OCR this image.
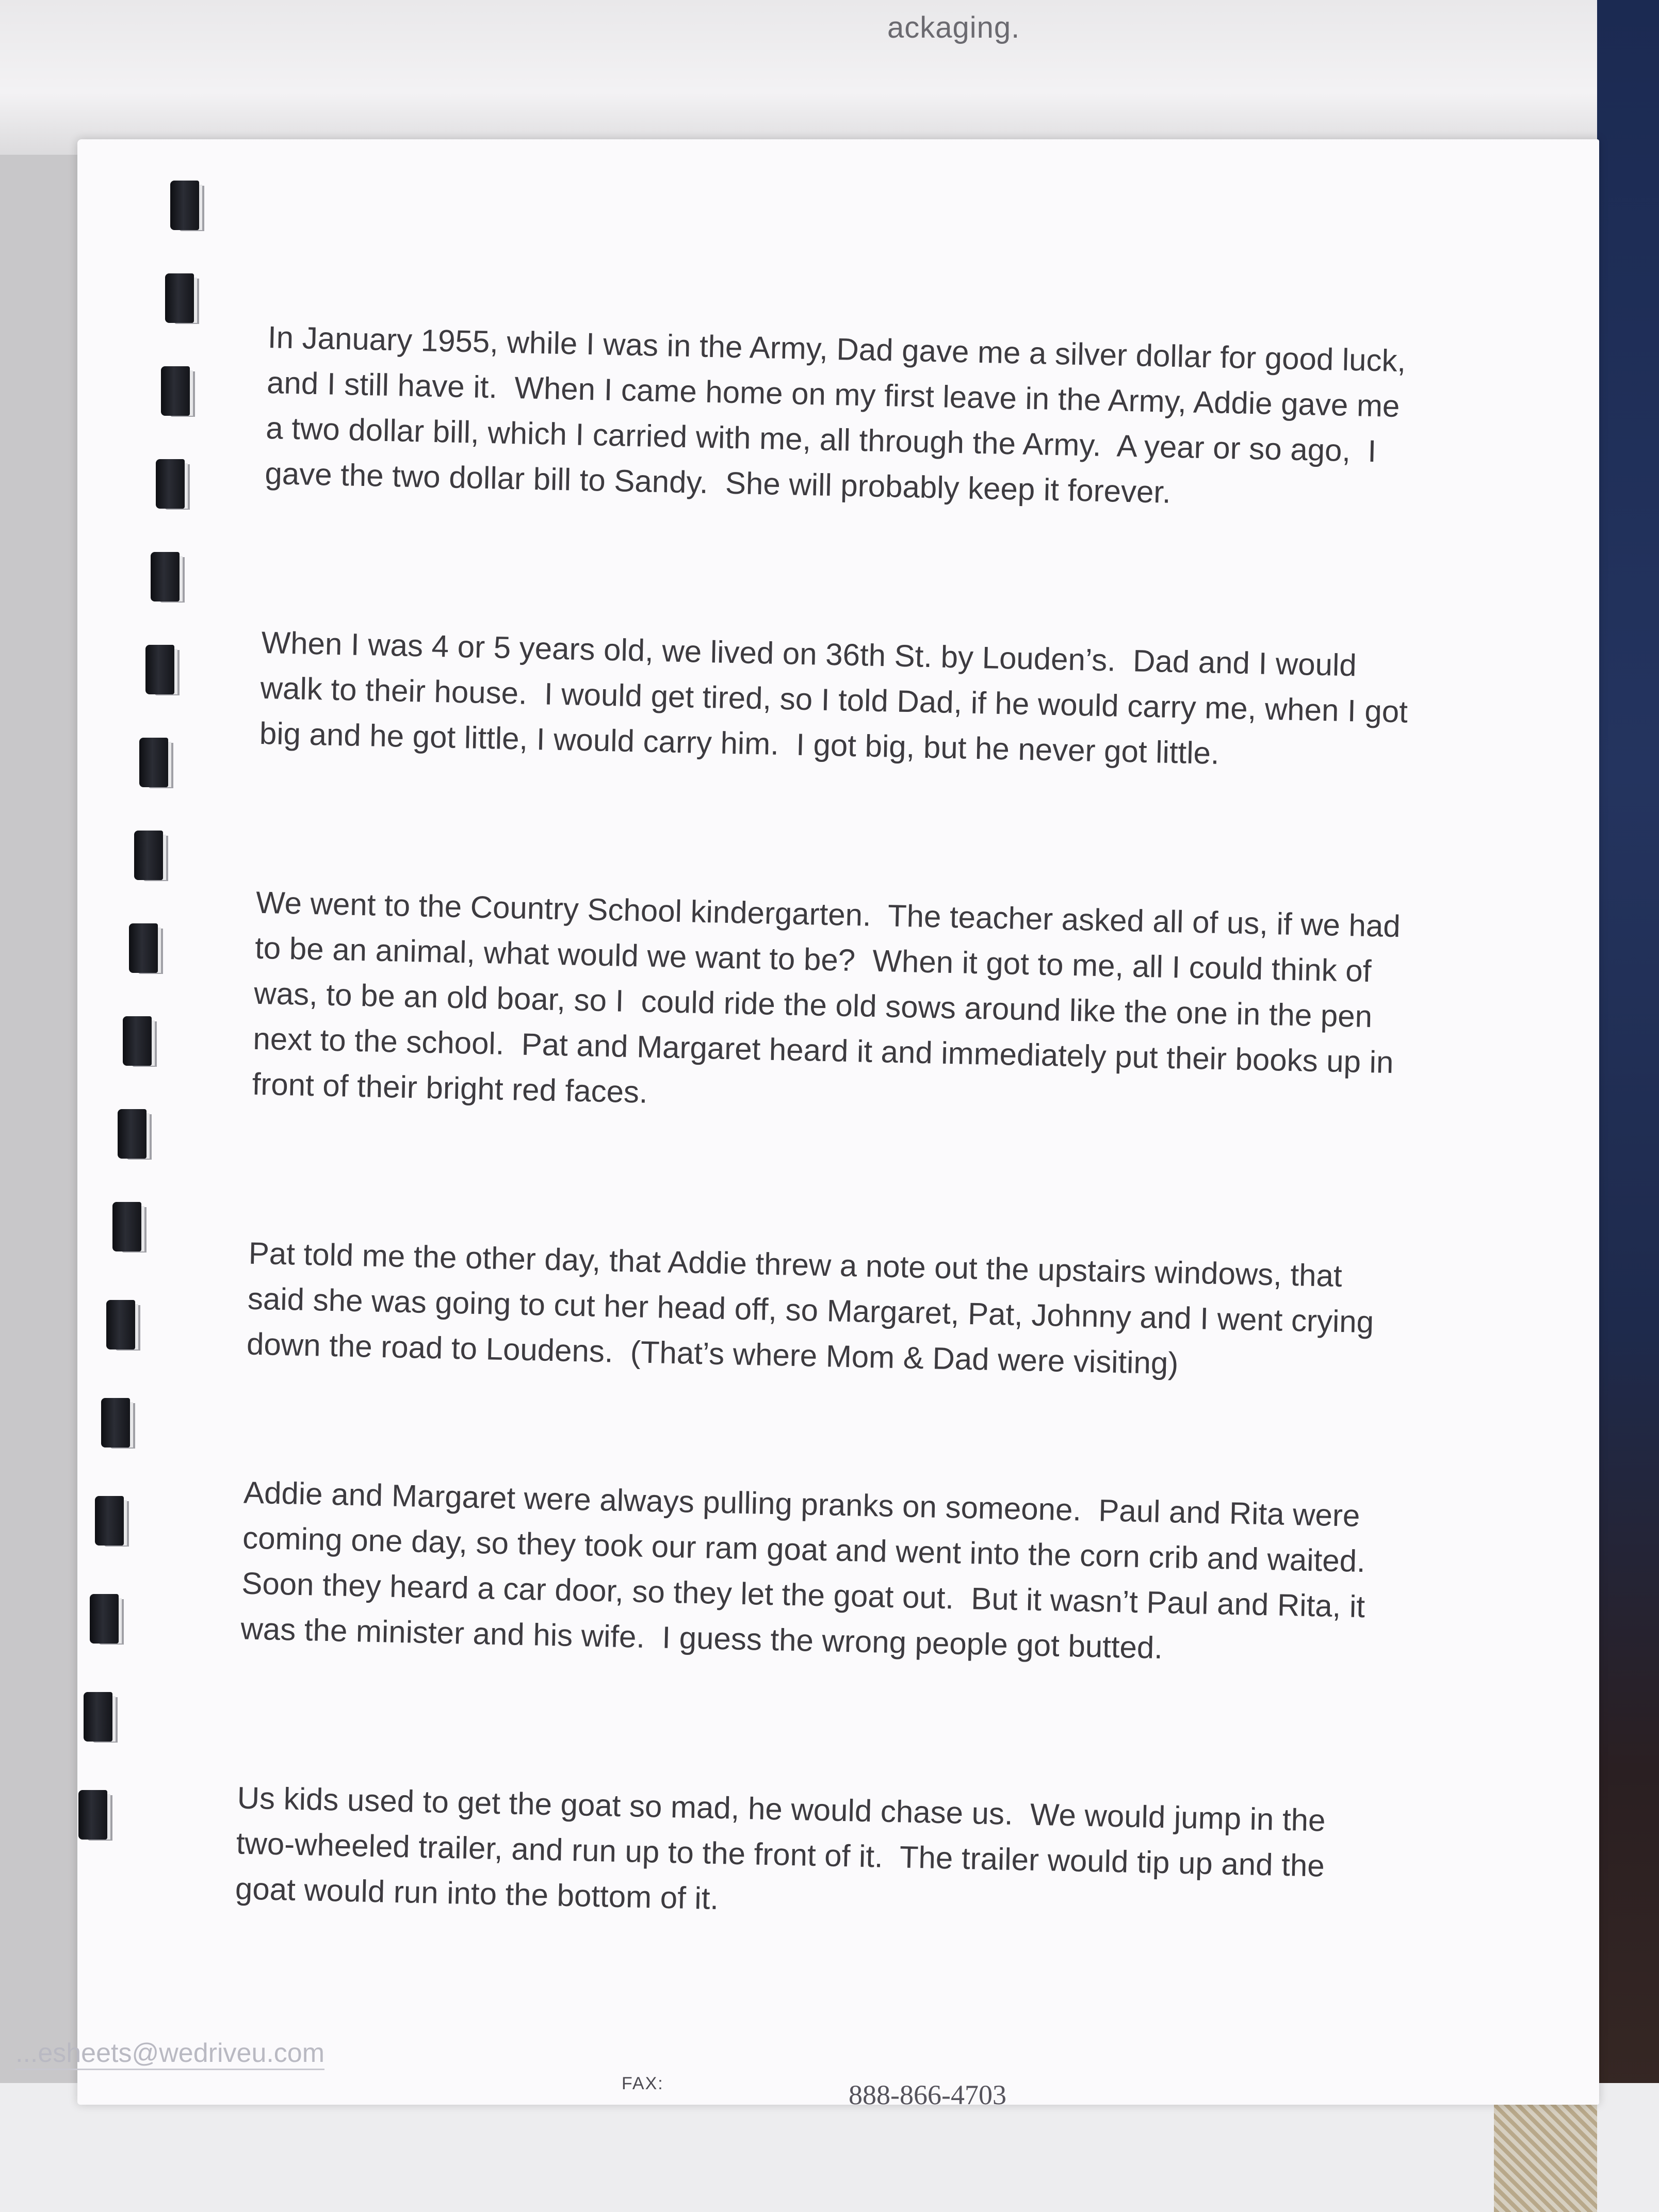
ackaging.

In January 1955, while I was in the Army, Dad gave me a silver dollar for good luck,
and I still have it.  When I came home on my first leave in the Army, Addie gave me
a two dollar bill, which I carried with me, all through the Army.  A year or so ago,  I
gave the two dollar bill to Sandy.  She will probably keep it forever.

When I was 4 or 5 years old, we lived on 36th St. by Louden’s.  Dad and I would
walk to their house.  I would get tired, so I told Dad, if he would carry me, when I got
big and he got little, I would carry him.  I got big, but he never got little.

We went to the Country School kindergarten.  The teacher asked all of us, if we had
to be an animal, what would we want to be?  When it got to me, all I could think of
was, to be an old boar, so I  could ride the old sows around like the one in the pen
next to the school.  Pat and Margaret heard it and immediately put their books up in
front of their bright red faces.

Pat told me the other day, that Addie threw a note out the upstairs windows, that
said she was going to cut her head off, so Margaret, Pat, Johnny and I went crying
down the road to Loudens.  (That’s where Mom & Dad were visiting)

Addie and Margaret were always pulling pranks on someone.  Paul and Rita were
coming one day, so they took our ram goat and went into the corn crib and waited.
Soon they heard a car door, so they let the goat out.  But it wasn’t Paul and Rita, it
was the minister and his wife.  I guess the wrong people got butted.

Us kids used to get the goat so mad, he would chase us.  We would jump in the
two-wheeled trailer, and run up to the front of it.  The trailer would tip up and the
goat would run into the bottom of it.

...esheets@wedriveu.com
FAX:	888-866-4703
